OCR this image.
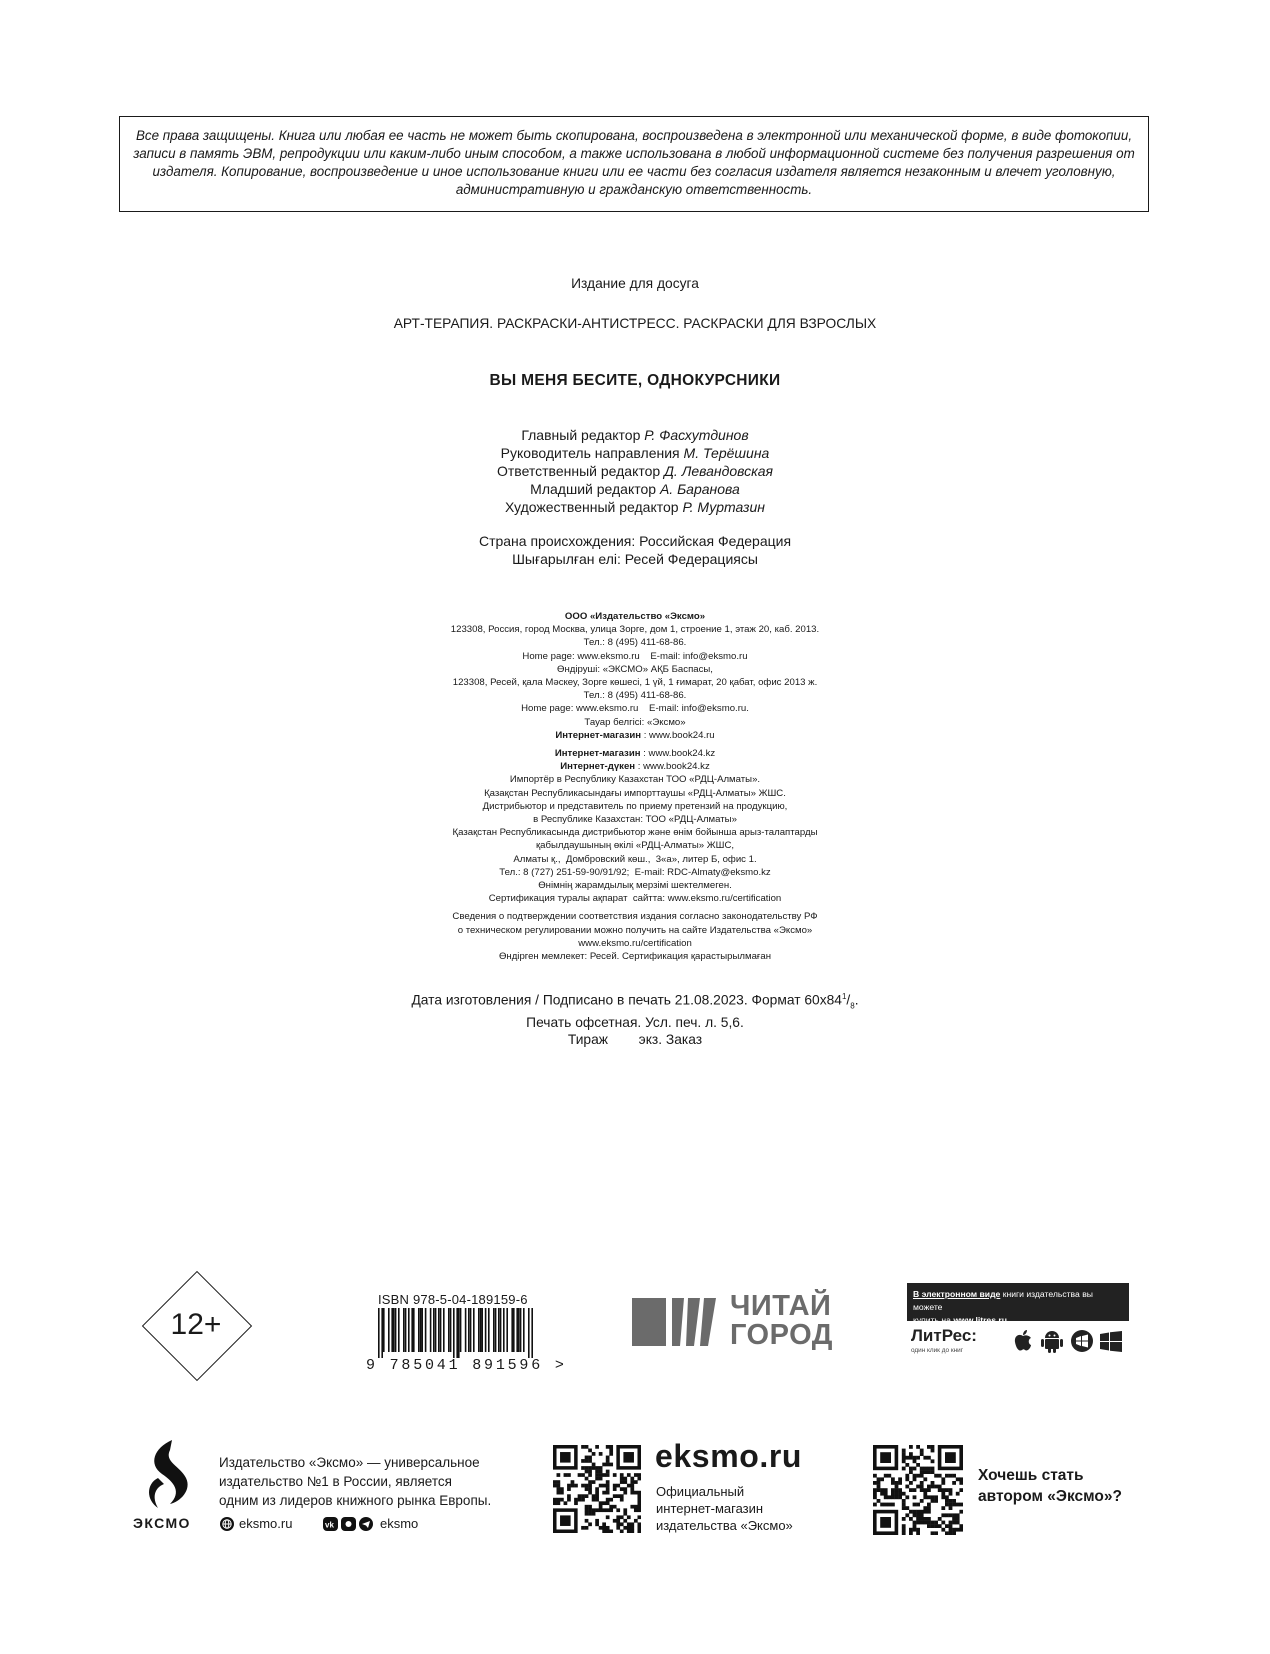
Все права защищены. Книга или любая ее часть не может быть скопирована, воспроизведена в электронной или механической форме, в виде фотокопии, записи в память ЭВМ, репродукции или каким-либо иным способом, а также использована в любой информационной системе без получения разрешения от издателя. Копирование, воспроизведение и иное использование книги или ее части без согласия издателя является незаконным и влечет уголовную, административную и гражданскую ответственность.
Издание для досуга
АРТ-ТЕРАПИЯ. РАСКРАСКИ-АНТИСТРЕСС. РАСКРАСКИ ДЛЯ ВЗРОСЛЫХ
ВЫ МЕНЯ БЕСИТЕ, ОДНОКУРСНИКИ
Главный редактор Р. Фасхутдинов
Руководитель направления М. Терёшина
Ответственный редактор Д. Левандовская
Младший редактор А. Баранова
Художественный редактор Р. Муртазин
Страна происхождения: Российская Федерация
Шығарылған елі: Ресей Федерациясы
ООО «Издательство «Эксмо»
123308, Россия, город Москва, улица Зорге, дом 1, строение 1, этаж 20, каб. 2013.
Тел.: 8 (495) 411-68-86.
Home page: www.eksmo.ru    E-mail: info@eksmo.ru
Өндіруші: «ЭКСМО» АҚБ Баспасы,
123308, Ресей, қала Мәскеу, Зорге көшесі, 1 үй, 1 ғимарат, 20 қабат, офис 2013 ж.
Тел.: 8 (495) 411-68-86.
Home page: www.eksmo.ru    E-mail: info@eksmo.ru.
Тауар белгісі: «Эксмо»
Интернет-магазин : www.book24.ru
Интернет-магазин : www.book24.kz
Интернет-дүкен : www.book24.kz
Импортёр в Республику Казахстан ТОО «РДЦ-Алматы».
Қазақстан Республикасындағы импорттаушы «РДЦ-Алматы» ЖШС.
Дистрибьютор и представитель по приему претензий на продукцию,
в Республике Казахстан: ТОО «РДЦ-Алматы»
Қазақстан Республикасында дистрибьютор және өнім бойынша арыз-талаптарды
қабылдаушының өкілі «РДЦ-Алматы» ЖШС,
Алматы қ.,  Домбровский көш.,  3«а», литер Б, офис 1.
Тел.: 8 (727) 251-59-90/91/92;  E-mail: RDC-Almaty@eksmo.kz
Өнімнің жарамдылық мерзімі шектелмеген.
Сертификация туралы ақпарат  сайтта: www.eksmo.ru/certification
Сведения о подтверждении соответствия издания согласно законодательству РФ
о техническом регулировании можно получить на сайте Издательства «Эксмо»
www.eksmo.ru/certification
Өндірген мемлекет: Ресей. Сертификация қарастырылмаған
Дата изготовления / Подписано в печать 21.08.2023. Формат $60х84^1/_8$.
Печать офсетная. Усл. печ. л. 5,6.
Тираж        экз. Заказ
12+
ISBN 978-5-04-189159-6
9 785041 891596 >
ЧИТАЙ
ГОРОД
В электронном виде книги издательства вы можете
купить на www.litres.ru
ЛитРес:
один клик до книг
ЭКСМО
Издательство «Эксмо» — универсальное
издательство №1 в России, является
одним из лидеров книжного рынка Европы.
eksmo.ru	vk	eksmo
eksmo.ru
Официальный
интернет-магазин
издательства «Эксмо»
Хочешь стать
автором «Эксмо»?
